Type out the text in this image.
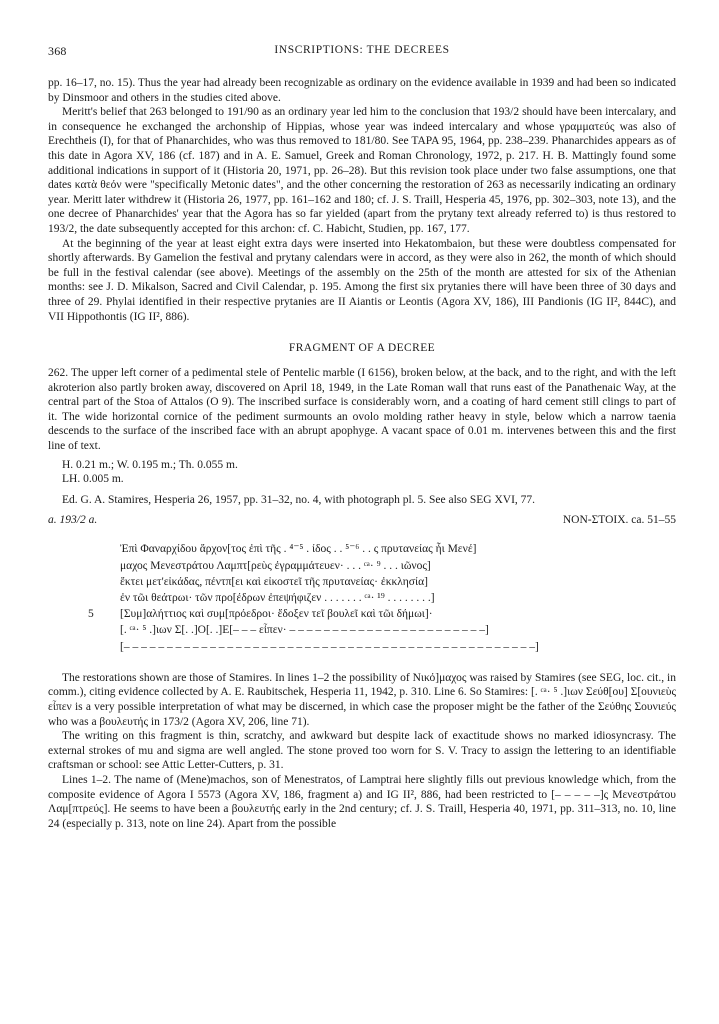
368	INSCRIPTIONS: THE DECREES

pp. 16–17, no. 15). Thus the year had already been recognizable as ordinary on the evidence available in 1939 and had been so indicated by Dinsmoor and others in the studies cited above.

Meritt's belief that 263 belonged to 191/90 as an ordinary year led him to the conclusion that 193/2 should have been intercalary, and in consequence he exchanged the archonship of Hippias, whose year was indeed intercalary and whose γραμματεύς was also of Erechtheis (I), for that of Phanarchides, who was thus removed to 181/80. See TAPA 95, 1964, pp. 238–239. Phanarchides appears as of this date in Agora XV, 186 (cf. 187) and in A. E. Samuel, Greek and Roman Chronology, 1972, p. 217. H. B. Mattingly found some additional indications in support of it (Historia 20, 1971, pp. 26–28). But this revision took place under two false assumptions, one that dates κατὰ θεόν were "specifically Metonic dates", and the other concerning the restoration of 263 as necessarily indicating an ordinary year. Meritt later withdrew it (Historia 26, 1977, pp. 161–162 and 180; cf. J. S. Traill, Hesperia 45, 1976, pp. 302–303, note 13), and the one decree of Phanarchides' year that the Agora has so far yielded (apart from the prytany text already referred to) is thus restored to 193/2, the date subsequently accepted for this archon: cf. C. Habicht, Studien, pp. 167, 177.

At the beginning of the year at least eight extra days were inserted into Hekatombaion, but these were doubtless compensated for shortly afterwards. By Gamelion the festival and prytany calendars were in accord, as they were also in 262, the month of which should be full in the festival calendar (see above). Meetings of the assembly on the 25th of the month are attested for six of the Athenian months: see J. D. Mikalson, Sacred and Civil Calendar, p. 195. Among the first six prytanies there will have been three of 30 days and three of 29. Phylai identified in their respective prytanies are II Aiantis or Leontis (Agora XV, 186), III Pandionis (IG II², 844C), and VII Hippothontis (IG II², 886).

FRAGMENT OF A DECREE

262. The upper left corner of a pedimental stele of Pentelic marble (I 6156), broken below, at the back, and to the right, and with the left akroterion also partly broken away, discovered on April 18, 1949, in the Late Roman wall that runs east of the Panathenaic Way, at the central part of the Stoa of Attalos (O 9). The inscribed surface is considerably worn, and a coating of hard cement still clings to part of it. The wide horizontal cornice of the pediment surmounts an ovolo molding rather heavy in style, below which a narrow taenia descends to the surface of the inscribed face with an abrupt apophyge. A vacant space of 0.01 m. intervenes between this and the first line of text.

H. 0.21 m.; W. 0.195 m.; Th. 0.055 m.
LH. 0.005 m.
Ed. G. A. Stamires, Hesperia 26, 1957, pp. 31–32, no. 4, with photograph pl. 5. See also SEG XVI, 77.
a. 193/2 a.	NON-ΣΤΟΙΧ. ca. 51–55
Ἐπὶ Φαναρχίδου ἄρχον[τος ἐπὶ τῆς . ⁴⁻⁵ . ίδος . . ⁵⁻⁶ . . ς πρυτανείας ἧι Μενέ]
μαχος Μενεστράτου Λαμπτ[ρεὺς ἐγραμμάτευεν· . . . ᶜᵃ· ⁹ . . . ιῶνος]
ἕκτει μετ'εἰκάδας, πέντπ[ει καὶ εἰκοστεῖ τῆς πρυτανείας· ἐκκλησία]
ἐν τῶι θεάτρωι· τῶν προ[έδρων ἐπεψήφιζεν . . . . . . . ᶜᵃ· ¹⁹ . . . . . . . .]
5 [Συμ]αλήττιος καὶ συμ[πρόεδροι· ἔδοξεν τεῖ βουλεῖ καὶ τῶι δήμωι]·
[. ᶜᵃ· ⁵ .]ιων Σ[. .]Ο[. .]Ε[– – – εἶπεν· – – – – – – – – – – – – – – – – – – – – – – –]
[– – – – – – – – – – – – – – – – – – – – – – – – – – – – – – – – – – – – – – – – – – – – – – – –]

The restorations shown are those of Stamires. In lines 1–2 the possibility of Νικό]μαχος was raised by Stamires (see SEG, loc. cit., in comm.), citing evidence collected by A. E. Raubitschek, Hesperia 11, 1942, p. 310. Line 6. So Stamires: [. ᶜᵃ· ⁵ .]ιων Σεύθ[ου] Σ[ουνιεὺς εἶπεν is a very possible interpretation of what may be discerned, in which case the proposer might be the father of the Σεύθης Σουνιεύς who was a βουλευτής in 173/2 (Agora XV, 206, line 71).

The writing on this fragment is thin, scratchy, and awkward but despite lack of exactitude shows no marked idiosyncrasy. The external strokes of mu and sigma are well angled. The stone proved too worn for S. V. Tracy to assign the lettering to an identifiable craftsman or school: see Attic Letter-Cutters, p. 31.

Lines 1–2. The name of (Mene)machos, son of Menestratos, of Lamptrai here slightly fills out previous knowledge which, from the composite evidence of Agora I 5573 (Agora XV, 186, fragment a) and IG II², 886, had been restricted to [– – – – –]ς Μενεστράτου Λαμ[πτρεύς]. He seems to have been a βουλευτής early in the 2nd century; cf. J. S. Traill, Hesperia 40, 1971, pp. 311–313, no. 10, line 24 (especially p. 313, note on line 24). Apart from the possible
